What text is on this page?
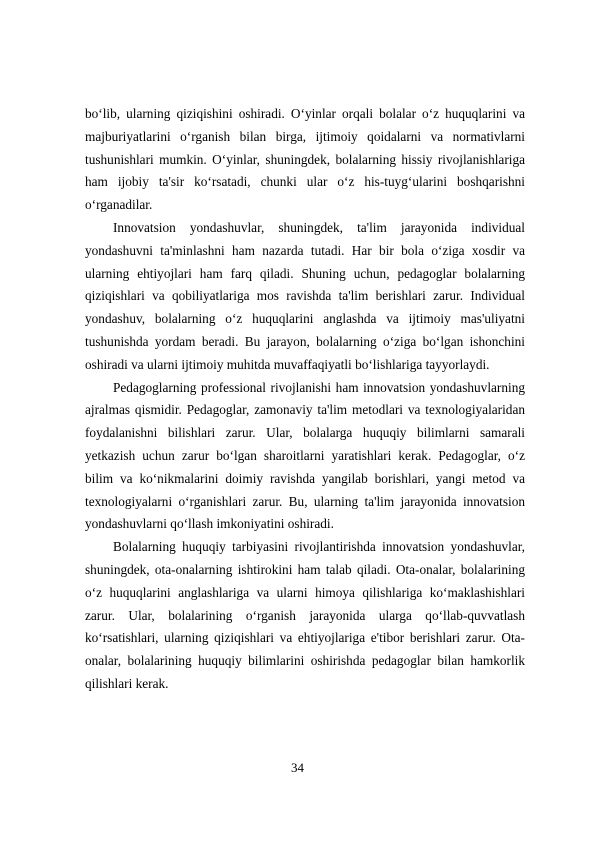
bo‘lib, ularning qiziqishini oshiradi. O‘yinlar orqali bolalar o‘z huquqlarini va majburiyatlarini o‘rganish bilan birga, ijtimoiy qoidalarni va normativlarni tushunishlari mumkin. O‘yinlar, shuningdek, bolalarning hissiy rivojlanishlariga ham ijobiy ta'sir ko‘rsatadi, chunki ular o‘z his-tuyg‘ularini boshqarishni o‘rganadilar.

Innovatsion yondashuvlar, shuningdek, ta'lim jarayonida individual yondashuvni ta'minlashni ham nazarda tutadi. Har bir bola o‘ziga xosdir va ularning ehtiyojlari ham farq qiladi. Shuning uchun, pedagoglar bolalarning qiziqishlari va qobiliyatlariga mos ravishda ta'lim berishlari zarur. Individual yondashuv, bolalarning o‘z huquqlarini anglashda va ijtimoiy mas'uliyatni tushunishda yordam beradi. Bu jarayon, bolalarning o‘ziga bo‘lgan ishonchini oshiradi va ularni ijtimoiy muhitda muvaffaqiyatli bo‘lishlariga tayyorlaydi.

Pedagoglarning professional rivojlanishi ham innovatsion yondashuvlarning ajralmas qismidir. Pedagoglar, zamonaviy ta'lim metodlari va texnologiyalaridan foydalanishni bilishlari zarur. Ular, bolalarga huquqiy bilimlarni samarali yetkazish uchun zarur bo‘lgan sharoitlarni yaratishlari kerak. Pedagoglar, o‘z bilim va ko‘nikmalarini doimiy ravishda yangilab borishlari, yangi metod va texnologiyalarni o‘rganishlari zarur. Bu, ularning ta'lim jarayonida innovatsion yondashuvlarni qo‘llash imkoniyatini oshiradi.

Bolalarning huquqiy tarbiyasini rivojlantirishda innovatsion yondashuvlar, shuningdek, ota-onalarning ishtirokini ham talab qiladi. Ota-onalar, bolalarining o‘z huquqlarini anglashlariga va ularni himoya qilishlariga ko‘maklashishlari zarur. Ular, bolalarining o‘rganish jarayonida ularga qo‘llab-quvvatlash ko‘rsatishlari, ularning qiziqishlari va ehtiyojlariga e'tibor berishlari zarur. Ota-onalar, bolalarining huquqiy bilimlarini oshirishda pedagoglar bilan hamkorlik qilishlari kerak.

34
